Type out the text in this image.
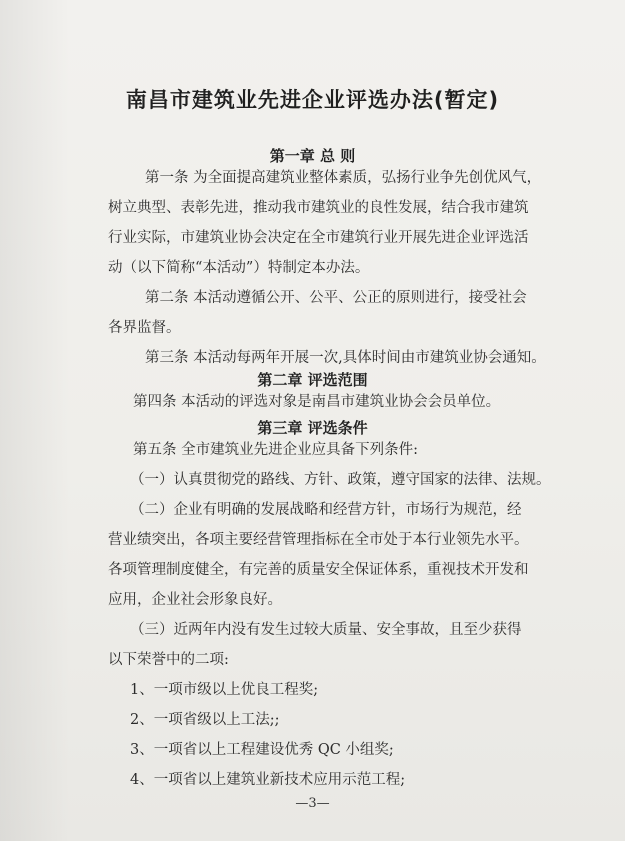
南昌市建筑业先进企业评选办法(暂定)
第一章 总 则
第一条 为全面提高建筑业整体素质，弘扬行业争先创优风气，
树立典型、表彰先进，推动我市建筑业的良性发展，结合我市建筑
行业实际，市建筑业协会决定在全市建筑行业开展先进企业评选活
动（以下简称“本活动”）特制定本办法。
第二条 本活动遵循公开、公平、公正的原则进行，接受社会
各界监督。
第三条 本活动每两年开展一次,具体时间由市建筑业协会通知。
第二章 评选范围
第四条 本活动的评选对象是南昌市建筑业协会会员单位。
第三章 评选条件
第五条 全市建筑业先进企业应具备下列条件:
（一）认真贯彻党的路线、方针、政策，遵守国家的法律、法规。
（二）企业有明确的发展战略和经营方针，市场行为规范，经
营业绩突出，各项主要经营管理指标在全市处于本行业领先水平。
各项管理制度健全，有完善的质量安全保证体系，重视技术开发和
应用，企业社会形象良好。
（三）近两年内没有发生过较大质量、安全事故，且至少获得
以下荣誉中的二项:
1、一项市级以上优良工程奖;
2、一项省级以上工法;;
3、一项省以上工程建设优秀 QC 小组奖;
4、一项省以上建筑业新技术应用示范工程;
—3—
